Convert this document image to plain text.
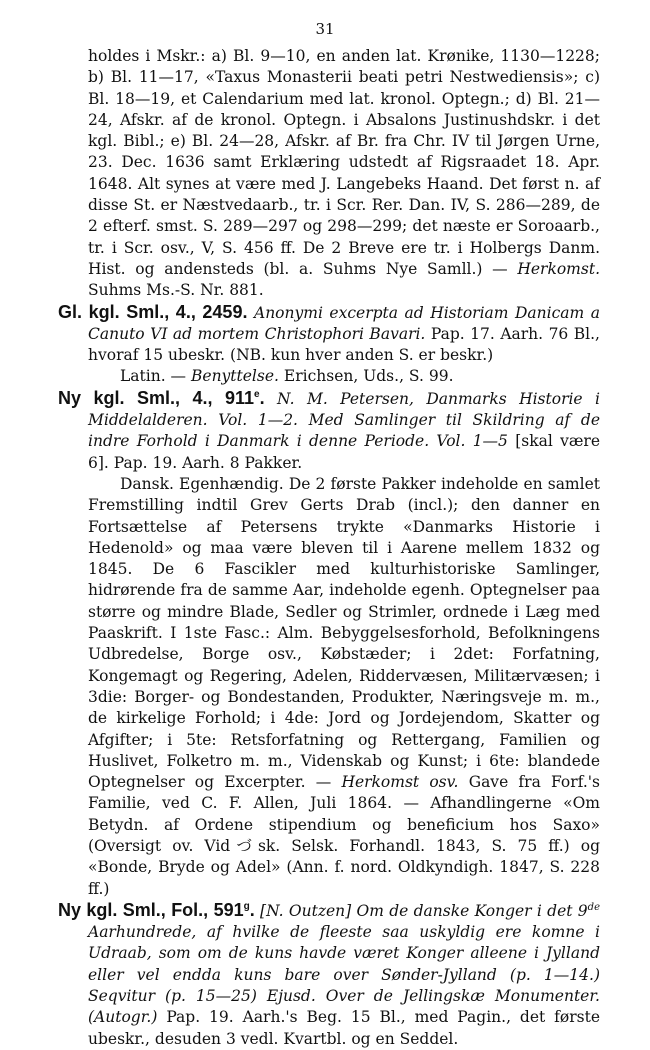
31

holdes i Mskr.: a) Bl. 9—10, en anden lat. Krønike, 1130—1228; b) Bl. 11—17, «Taxus Monasterii beati petri Nestwediensis»; c) Bl. 18—19, et Calendarium med lat. kronol. Optegn.; d) Bl. 21—24, Afskr. af de kronol. Optegn. i Absalons Justinushdskr. i det kgl. Bibl.; e) Bl. 24—28, Afskr. af Br. fra Chr. IV til Jørgen Urne, 23. Dec. 1636 samt Erklæring udstedt af Rigsraadet 18. Apr. 1648. Alt synes at være med J. Langebeks Haand. Det først n. af disse St. er Næstvedaarb., tr. i Scr. Rer. Dan. IV, S. 286—289, de 2 efterf. smst. S. 289—297 og 298—299; det næste er Soroaarb., tr. i Scr. osv., V, S. 456 ff. De 2 Breve ere tr. i Holbergs Danm. Hist. og andensteds (bl. a. Suhms Nye Samll.) — Herkomst. Suhms Ms.-S. Nr. 881.

Gl. kgl. Sml., 4., 2459. Anonymi excerpta ad Historiam Danicam a Canuto VI ad mortem Christophori Bavari. Pap. 17. Aarh. 76 Bl., hvoraf 15 ubeskr. (NB. kun hver anden S. er beskr.)

Latin. — Benyttelse. Erichsen, Uds., S. 99.

Ny kgl. Sml., 4., 911e. N. M. Petersen, Danmarks Historie i Middelalderen. Vol. 1—2. Med Samlinger til Skildring af de indre Forhold i Danmark i denne Periode. Vol. 1—5 [skal være 6]. Pap. 19. Aarh. 8 Pakker.

Dansk. Egenhændig. De 2 første Pakker indeholde en samlet Fremstilling indtil Grev Gerts Drab (incl.); den danner en Fortsættelse af Petersens trykte «Danmarks Historie i Hedenold» og maa være bleven til i Aarene mellem 1832 og 1845. De 6 Fascikler med kulturhistoriske Samlinger, hidrørende fra de samme Aar, indeholde egenh. Optegnelser paa større og mindre Blade, Sedler og Strimler, ordnede i Læg med Paaskrift. I 1ste Fasc.: Alm. Bebyggelsesforhold, Befolkningens Udbredelse, Borge osv., Købstæder; i 2det: Forfatning, Kongemagt og Regering, Adelen, Riddervæsen, Militærvæsen; i 3die: Borger- og Bondestanden, Produkter, Næringsveje m. m., de kirkelige Forhold; i 4de: Jord og Jordejendom, Skatter og Afgifter; i 5te: Retsforfatning og Rettergang, Familien og Huslivet, Folketro m. m., Videnskab og Kunst; i 6te: blandede Optegnelser og Excerpter. — Herkomst osv. Gave fra Forf.'s Familie, ved C. F. Allen, Juli 1864. — Afhandlingerne «Om Betydn. af Ordene stipendium og beneficium hos Saxo» (Oversigt ov. Vidづsk. Selsk. Forhandl. 1843, S. 75 ff.) og «Bonde, Bryde og Adel» (Ann. f. nord. Oldkyndigh. 1847, S. 228 ff.)

Ny kgl. Sml., Fol., 591$^g$. [N. Outzen] Om de danske Konger i det 9de Aarhundrede, af hvilke de fleeste saa uskyldig ere komne i Udraab, som om de kuns havde været Konger alleene i Jylland eller vel endda kuns bare over Sønder-Jylland (p. 1—14.) Seqvitur (p. 15—25) Ejusd. Over de Jellingskæ Monumenter. (Autogr.) Pap. 19. Aarh.'s Beg. 15 Bl., med Pagin., det første ubeskr., desuden 3 vedl. Kvartbl. og en Seddel.
